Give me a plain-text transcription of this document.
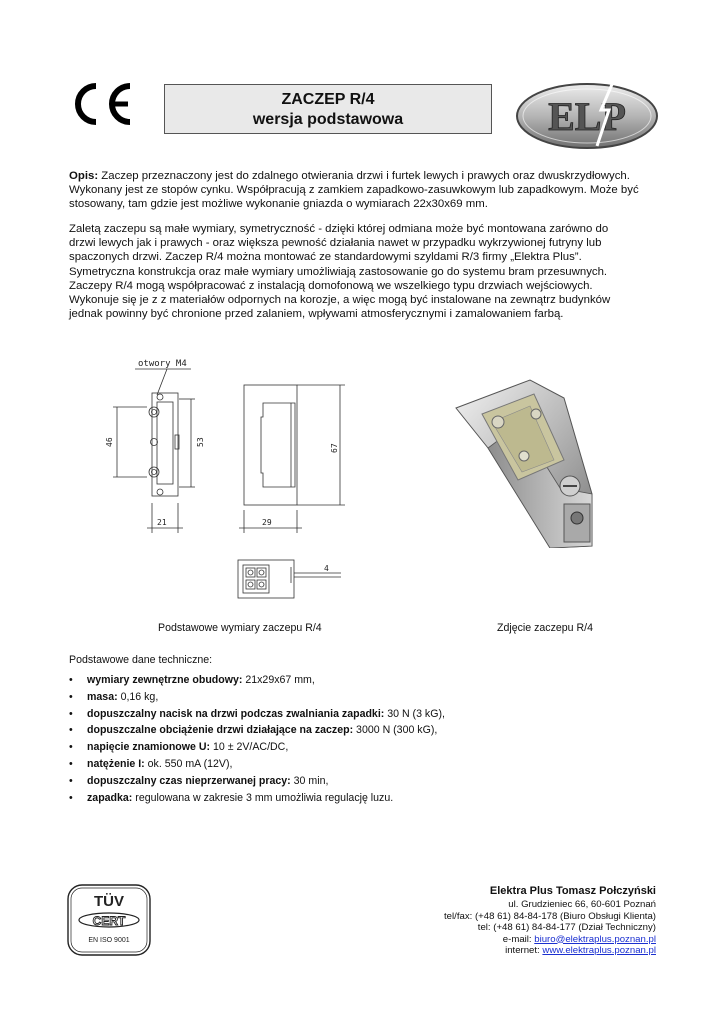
CE
ZACZEP R/4
wersja podstawowa	ELP
Opis: Zaczep przeznaczony jest do zdalnego otwierania drzwi i furtek lewych i prawych oraz dwuskrzydłowych. Wykonany jest ze stopów cynku. Współpracują z zamkiem zapadkowo-zasuwkowym lub zapadkowym. Może być stosowany, tam gdzie jest możliwe wykonanie gniazda o wymiarach 22x30x69 mm.
Zaletą zaczepu są małe wymiary, symetryczność - dzięki której odmiana może być montowana zarówno do
drzwi lewych jak i prawych - oraz większa pewność działania nawet w przypadku wykrzywionej futryny lub
spaczonych drzwi. Zaczep R/4 można montować ze standardowymi szyldami R/3 firmy „Elektra Plus”.
Symetryczna konstrukcja oraz małe wymiary umożliwiają zastosowanie go do systemu bram przesuwnych.
Zaczepy R/4 mogą współpracować z instalacją domofonową we wszelkiego typu drzwiach wejściowych.
Wykonuje się je z z materiałów odpornych na korozje, a więc mogą być instalowane na zewnątrz budynków
jednak powinny być chronione przed zalaniem, wpływami atmosferycznymi i zamalowaniem farbą.
otwory M4
46	53
21
67
29
4
Podstawowe wymiary zaczepu R/4	Zdjęcie zaczepu R/4
Podstawowe dane techniczne:
• wymiary zewnętrzne obudowy: 21x29x67 mm,
• masa: 0,16 kg,
• dopuszczalny nacisk na drzwi podczas zwalniania zapadki: 30 N (3 kG),
• dopuszczalne obciążenie drzwi działające na zaczep: 3000 N (300 kG),
• napięcie znamionowe U: 10 ± 2V/AC/DC,
• natężenie I: ok. 550 mA (12V),
• dopuszczalny czas nieprzerwanej pracy: 30 min,
• zapadka: regulowana w zakresie 3 mm umożliwia regulację luzu.
TÜV
CERT
EN ISO 9001
Elektra Plus Tomasz Połczyński
ul. Grudzieniec 66, 60-601 Poznań
tel/fax: (+48 61) 84-84-178 (Biuro Obsługi Klienta)
tel: (+48 61) 84-84-177 (Dział Techniczny)
e-mail: biuro@elektraplus.poznan.pl
internet: www.elektraplus.poznan.pl
